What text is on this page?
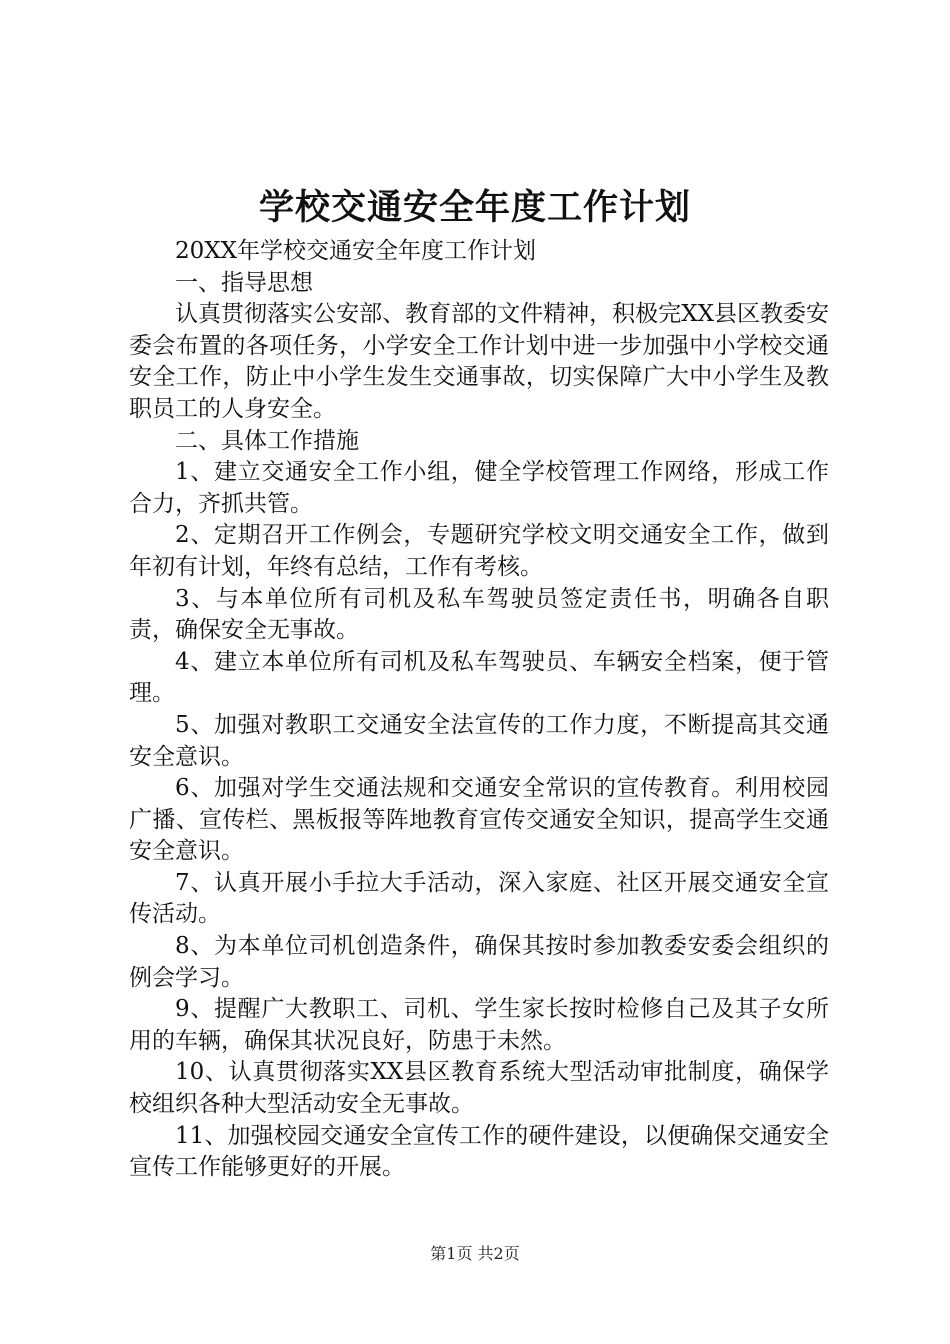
学校交通安全年度工作计划

20XX年学校交通安全年度工作计划

一、指导思想

认真贯彻落实公安部、教育部的文件精神，积极完XX县区教委安委会布置的各项任务，小学安全工作计划中进一步加强中小学校交通安全工作，防止中小学生发生交通事故，切实保障广大中小学生及教职员工的人身安全。

二、具体工作措施

1、建立交通安全工作小组，健全学校管理工作网络，形成工作合力，齐抓共管。

2、定期召开工作例会，专题研究学校文明交通安全工作，做到年初有计划，年终有总结，工作有考核。

3、与本单位所有司机及私车驾驶员签定责任书，明确各自职责，确保安全无事故。

4、建立本单位所有司机及私车驾驶员、车辆安全档案，便于管理。

5、加强对教职工交通安全法宣传的工作力度，不断提高其交通安全意识。

6、加强对学生交通法规和交通安全常识的宣传教育。利用校园广播、宣传栏、黑板报等阵地教育宣传交通安全知识，提高学生交通安全意识。

7、认真开展小手拉大手活动，深入家庭、社区开展交通安全宣传活动。

8、为本单位司机创造条件，确保其按时参加教委安委会组织的例会学习。

9、提醒广大教职工、司机、学生家长按时检修自己及其子女所用的车辆，确保其状况良好，防患于未然。

10、认真贯彻落实XX县区教育系统大型活动审批制度，确保学校组织各种大型活动安全无事故。

11、加强校园交通安全宣传工作的硬件建设，以便确保交通安全宣传工作能够更好的开展。

第1页 共2页
